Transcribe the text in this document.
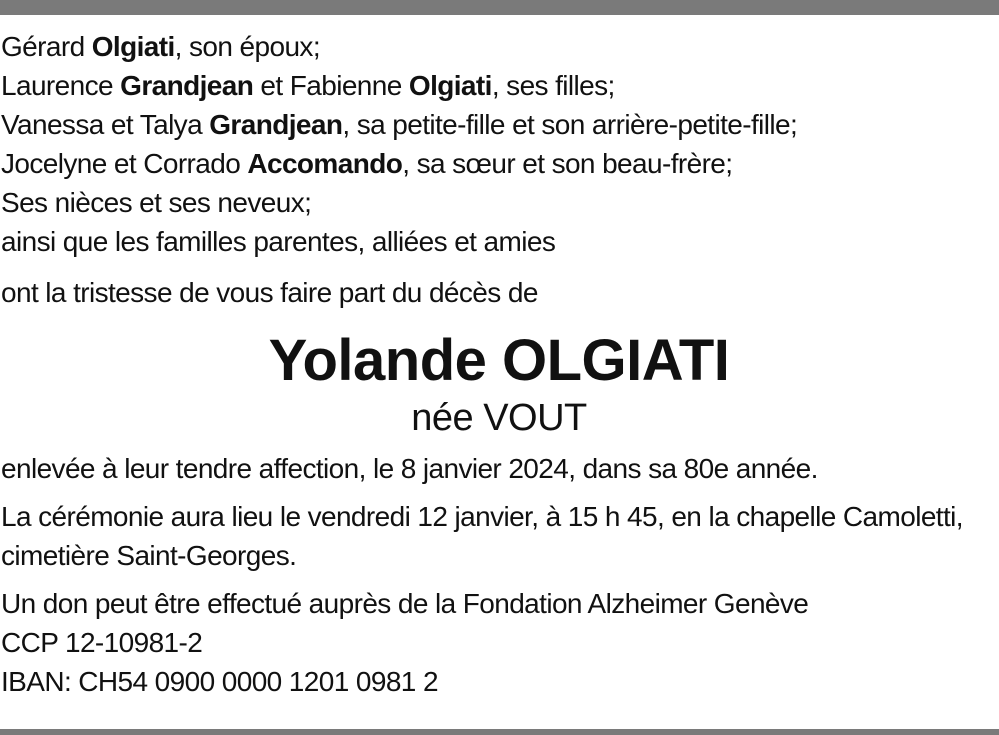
Gérard Olgiati, son époux;
Laurence Grandjean et Fabienne Olgiati, ses filles;
Vanessa et Talya Grandjean, sa petite-fille et son arrière-petite-fille;
Jocelyne et Corrado Accomando, sa sœur et son beau-frère;
Ses nièces et ses neveux;
ainsi que les familles parentes, alliées et amies
ont la tristesse de vous faire part du décès de
Yolande OLGIATI
née VOUT
enlevée à leur tendre affection, le 8 janvier 2024, dans sa 80e année.
La cérémonie aura lieu le vendredi 12 janvier, à 15 h 45, en la chapelle Camoletti,
cimetière Saint-Georges.
Un don peut être effectué auprès de la Fondation Alzheimer Genève
CCP 12-10981-2
IBAN: CH54 0900 0000 1201 0981 2
